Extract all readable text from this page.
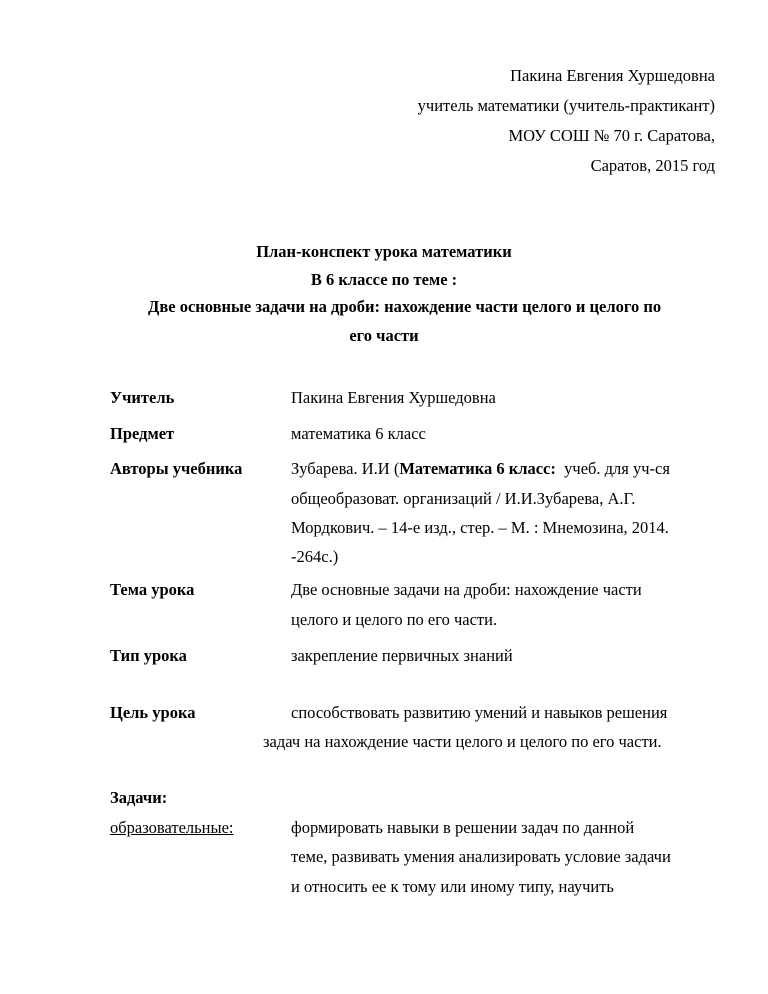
Пакина Евгения Хуршедовна
учитель математики (учитель-практикант)
МОУ СОШ № 70 г. Саратова,
Саратов, 2015 год
План-конспект урока математики
В 6 классе по теме :
Две основные задачи на дроби: нахождение части целого и целого по
его части
Учитель	Пакина Евгения Хуршедовна
Предмет	математика 6 класс
Авторы учебника	Зубарева. И.И (Математика 6 класс:  учеб. для уч-ся
общеобразоват. организаций / И.И.Зубарева, А.Г.
Мордкович. – 14-е изд., стер. – М. : Мнемозина, 2014.
-264с.)
Тема урока	Две основные задачи на дроби: нахождение части
целого и целого по его части.
Тип урока	закрепление первичных знаний
Цель урока	способствовать развитию умений и навыков решения
задач на нахождение части целого и целого по его части.
Задачи:
образовательные:	формировать навыки в решении задач по данной
теме, развивать умения анализировать условие задачи
и относить ее к тому или иному типу, научить
